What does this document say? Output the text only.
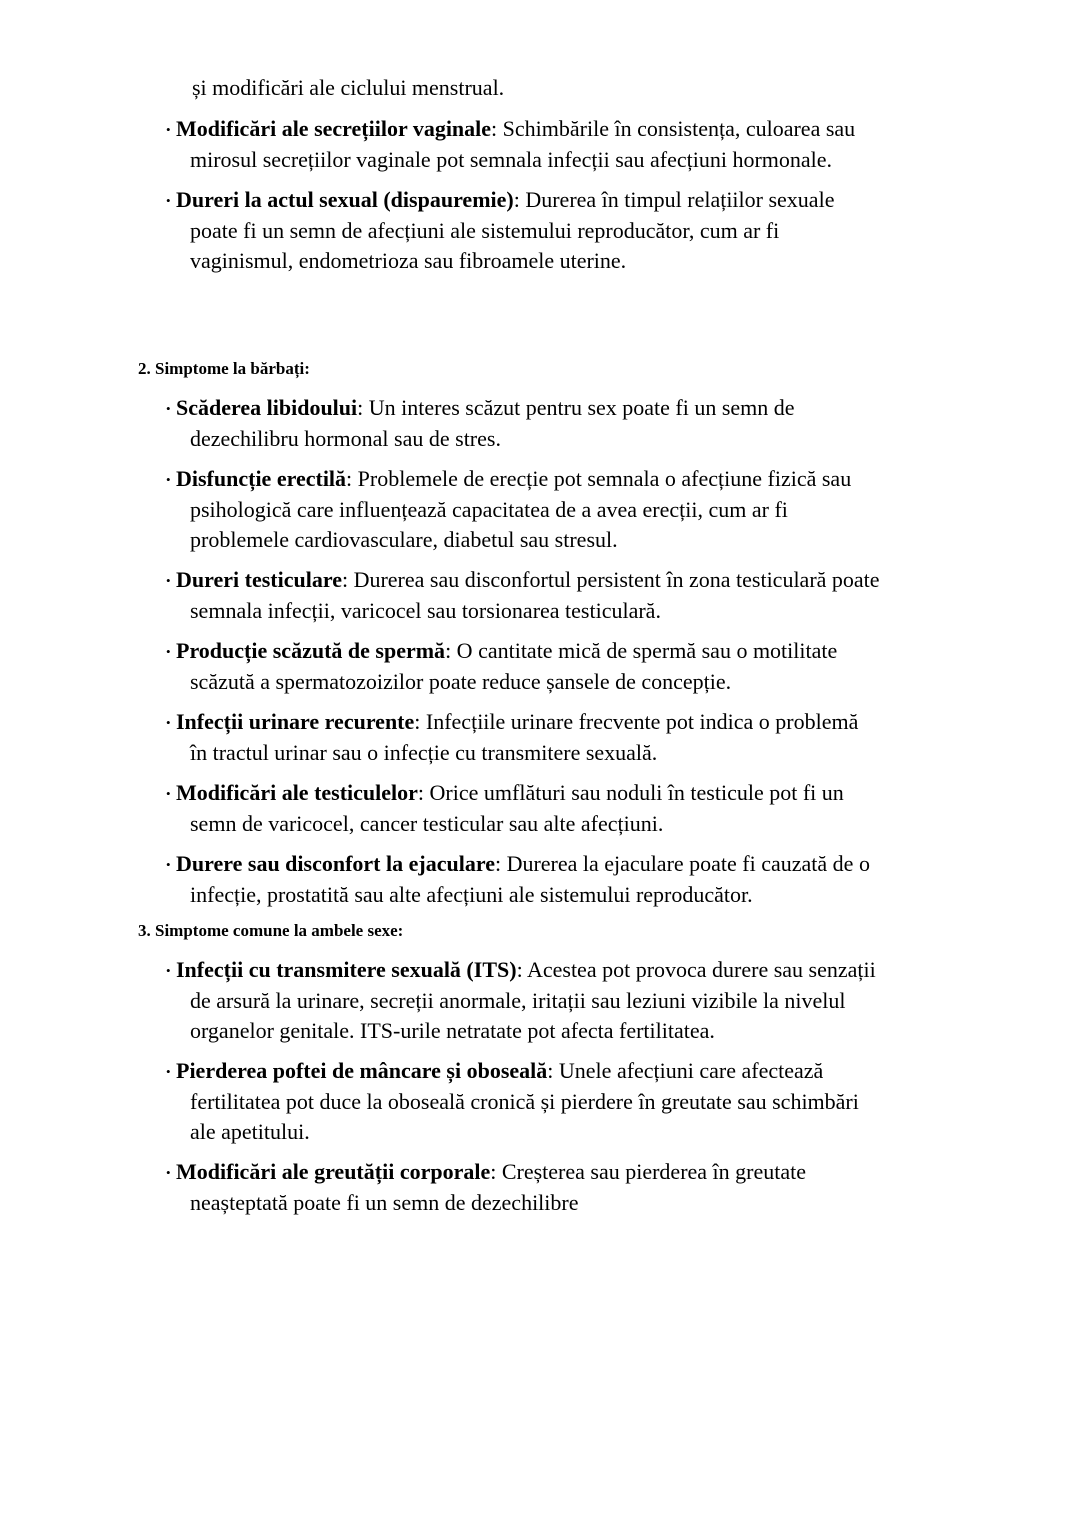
și modificări ale ciclului menstrual.
• Modificări ale secrețiilor vaginale: Schimbările în consistența, culoarea sau mirosul secrețiilor vaginale pot semnala infecții sau afecțiuni hormonale.
• Dureri la actul sexual (dispauremie): Durerea în timpul relațiilor sexuale poate fi un semn de afecțiuni ale sistemului reproducător, cum ar fi vaginismul, endometrioza sau fibroamele uterine.
2. Simptome la bărbați:
• Scăderea libidoului: Un interes scăzut pentru sex poate fi un semn de dezechilibru hormonal sau de stres.
• Disfuncție erectilă: Problemele de erecție pot semnala o afecțiune fizică sau psihologică care influențează capacitatea de a avea erecții, cum ar fi problemele cardiovasculare, diabetul sau stresul.
• Dureri testiculare: Durerea sau disconfortul persistent în zona testiculară poate semnala infecții, varicocel sau torsionarea testiculară.
• Producție scăzută de spermă: O cantitate mică de spermă sau o motilitate scăzută a spermatozoizilor poate reduce șansele de concepție.
• Infecții urinare recurente: Infecțiile urinare frecvente pot indica o problemă în tractul urinar sau o infecție cu transmitere sexuală.
• Modificări ale testiculelor: Orice umflături sau noduli în testicule pot fi un semn de varicocel, cancer testicular sau alte afecțiuni.
• Durere sau disconfort la ejaculare: Durerea la ejaculare poate fi cauzată de o infecție, prostatită sau alte afecțiuni ale sistemului reproducător.
3. Simptome comune la ambele sexe:
• Infecții cu transmitere sexuală (ITS): Acestea pot provoca durere sau senzații de arsură la urinare, secreții anormale, iritații sau leziuni vizibile la nivelul organelor genitale. ITS-urile netratate pot afecta fertilitatea.
• Pierderea poftei de mâncare și oboseală: Unele afecțiuni care afectează fertilitatea pot duce la oboseală cronică și pierdere în greutate sau schimbări ale apetitului.
• Modificări ale greutății corporale: Creșterea sau pierderea în greutate neașteptată poate fi un semn de dezechilibre
